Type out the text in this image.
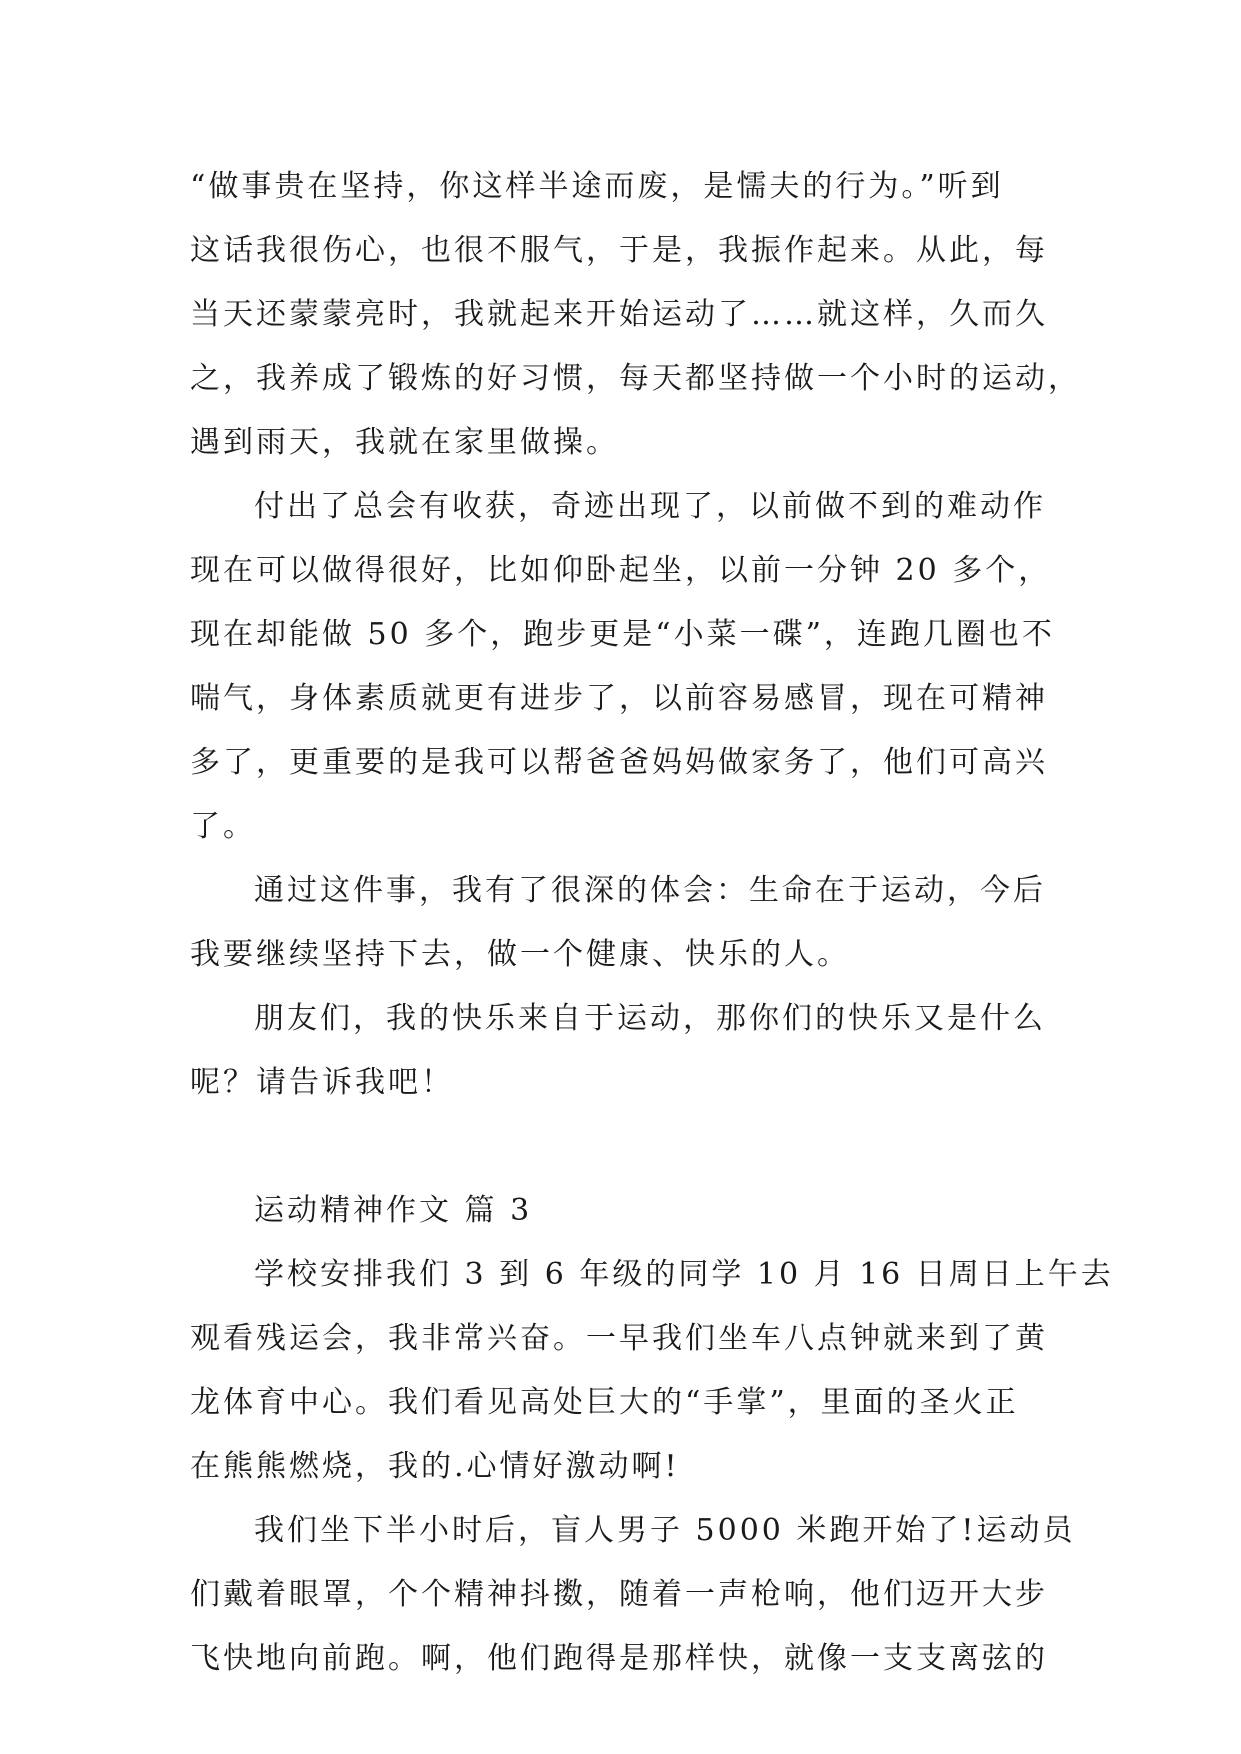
“做事贵在坚持，你这样半途而废，是懦夫的行为。”听到
这话我很伤心，也很不服气，于是，我振作起来。从此，每
当天还蒙蒙亮时，我就起来开始运动了……就这样，久而久
之，我养成了锻炼的好习惯，每天都坚持做一个小时的运动，
遇到雨天，我就在家里做操。
付出了总会有收获，奇迹出现了，以前做不到的难动作
现在可以做得很好，比如仰卧起坐，以前一分钟 20 多个，
现在却能做 50 多个，跑步更是“小菜一碟”，连跑几圈也不
喘气，身体素质就更有进步了，以前容易感冒，现在可精神
多了，更重要的是我可以帮爸爸妈妈做家务了，他们可高兴
了。
通过这件事，我有了很深的体会：生命在于运动，今后
我要继续坚持下去，做一个健康、快乐的人。
朋友们，我的快乐来自于运动，那你们的快乐又是什么
呢？请告诉我吧！
运动精神作文 篇 3
学校安排我们 3 到 6 年级的同学 10 月 16 日周日上午去
观看残运会，我非常兴奋。一早我们坐车八点钟就来到了黄
龙体育中心。我们看见高处巨大的“手掌”，里面的圣火正
在熊熊燃烧，我的.心情好激动啊!
我们坐下半小时后，盲人男子 5000 米跑开始了!运动员
们戴着眼罩，个个精神抖擞，随着一声枪响，他们迈开大步
飞快地向前跑。啊，他们跑得是那样快，就像一支支离弦的
